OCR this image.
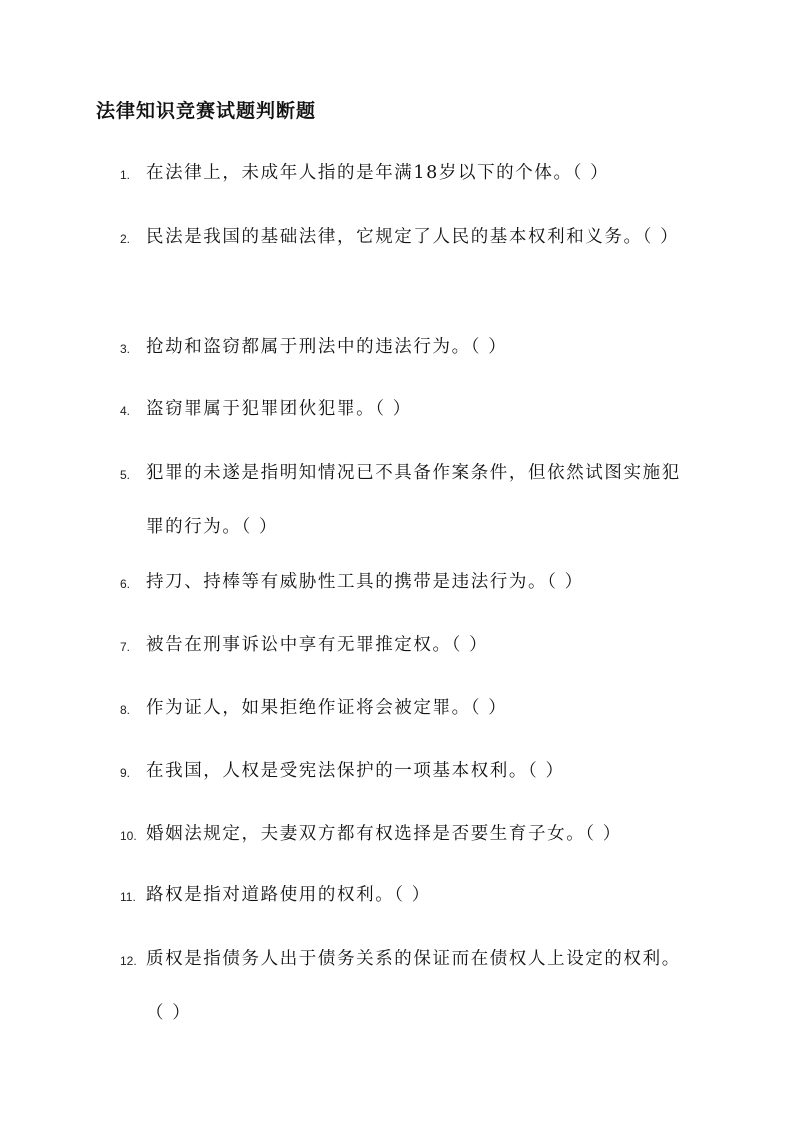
法律知识竞赛试题判断题
1. 在法律上，未成年人指的是年满18岁以下的个体。（ ）
2. 民法是我国的基础法律，它规定了人民的基本权利和义务。（ ）
3. 抢劫和盗窃都属于刑法中的违法行为。（ ）
4. 盗窃罪属于犯罪团伙犯罪。（ ）
5. 犯罪的未遂是指明知情况已不具备作案条件，但依然试图实施犯罪的行为。（ ）
6. 持刀、持棒等有威胁性工具的携带是违法行为。（ ）
7. 被告在刑事诉讼中享有无罪推定权。（ ）
8. 作为证人，如果拒绝作证将会被定罪。（ ）
9. 在我国，人权是受宪法保护的一项基本权利。（ ）
10. 婚姻法规定，夫妻双方都有权选择是否要生育子女。（ ）
11. 路权是指对道路使用的权利。（ ）
12. 质权是指债务人出于债务关系的保证而在债权人上设定的权利。（ ）
